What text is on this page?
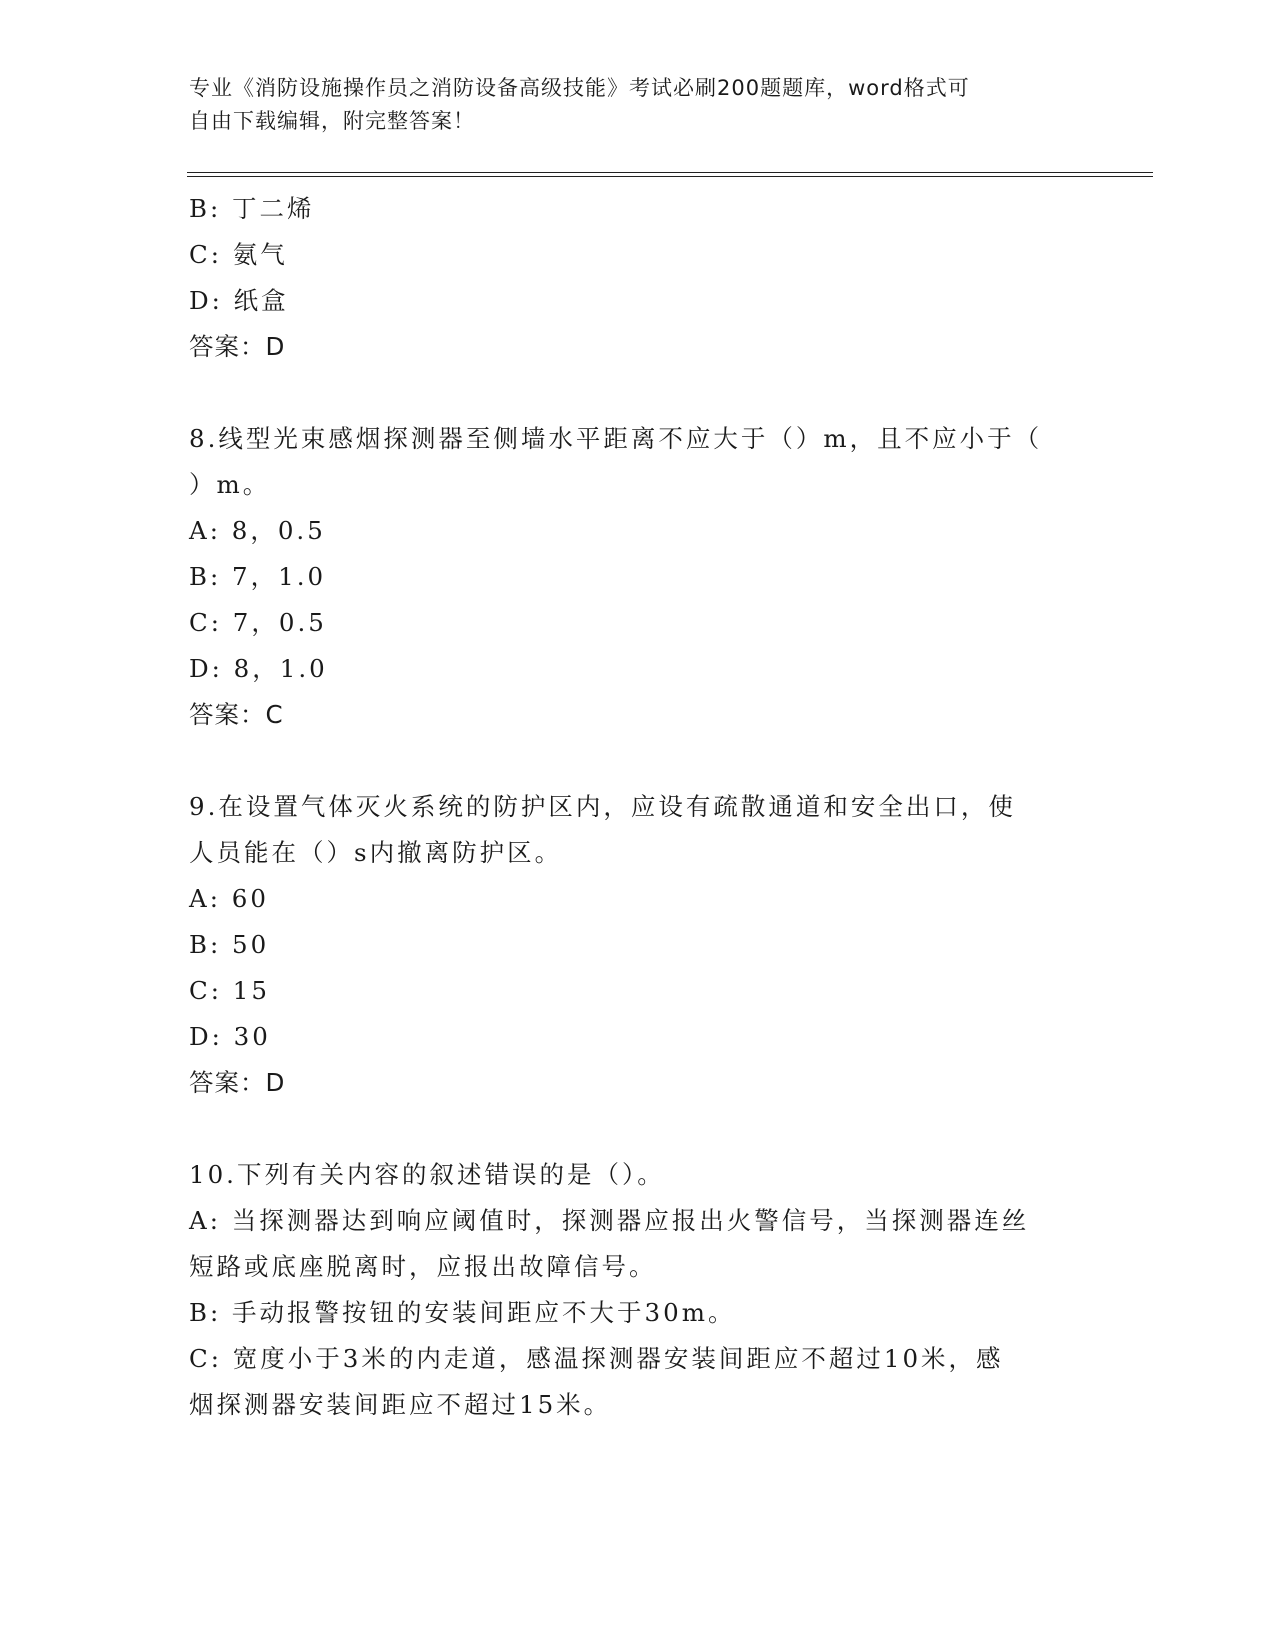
专业《消防设施操作员之消防设备高级技能》考试必刷200题题库，word格式可
自由下载编辑，附完整答案！
B: 丁二烯
C: 氨气
D: 纸盒
答案：D
8.线型光束感烟探测器至侧墙水平距离不应大于（）m，且不应小于（
）m。
A: 8，0.5
B: 7，1.0
C: 7，0.5
D: 8，1.0
答案：C
9.在设置气体灭火系统的防护区内，应设有疏散通道和安全出口，使
人员能在（）s内撤离防护区。
A: 60
B: 50
C: 15
D: 30
答案：D
10.下列有关内容的叙述错误的是（）。
A: 当探测器达到响应阈值时，探测器应报出火警信号，当探测器连丝
短路或底座脱离时，应报出故障信号。
B: 手动报警按钮的安装间距应不大于30m。
C: 宽度小于3米的内走道，感温探测器安装间距应不超过10米，感
烟探测器安装间距应不超过15米。
